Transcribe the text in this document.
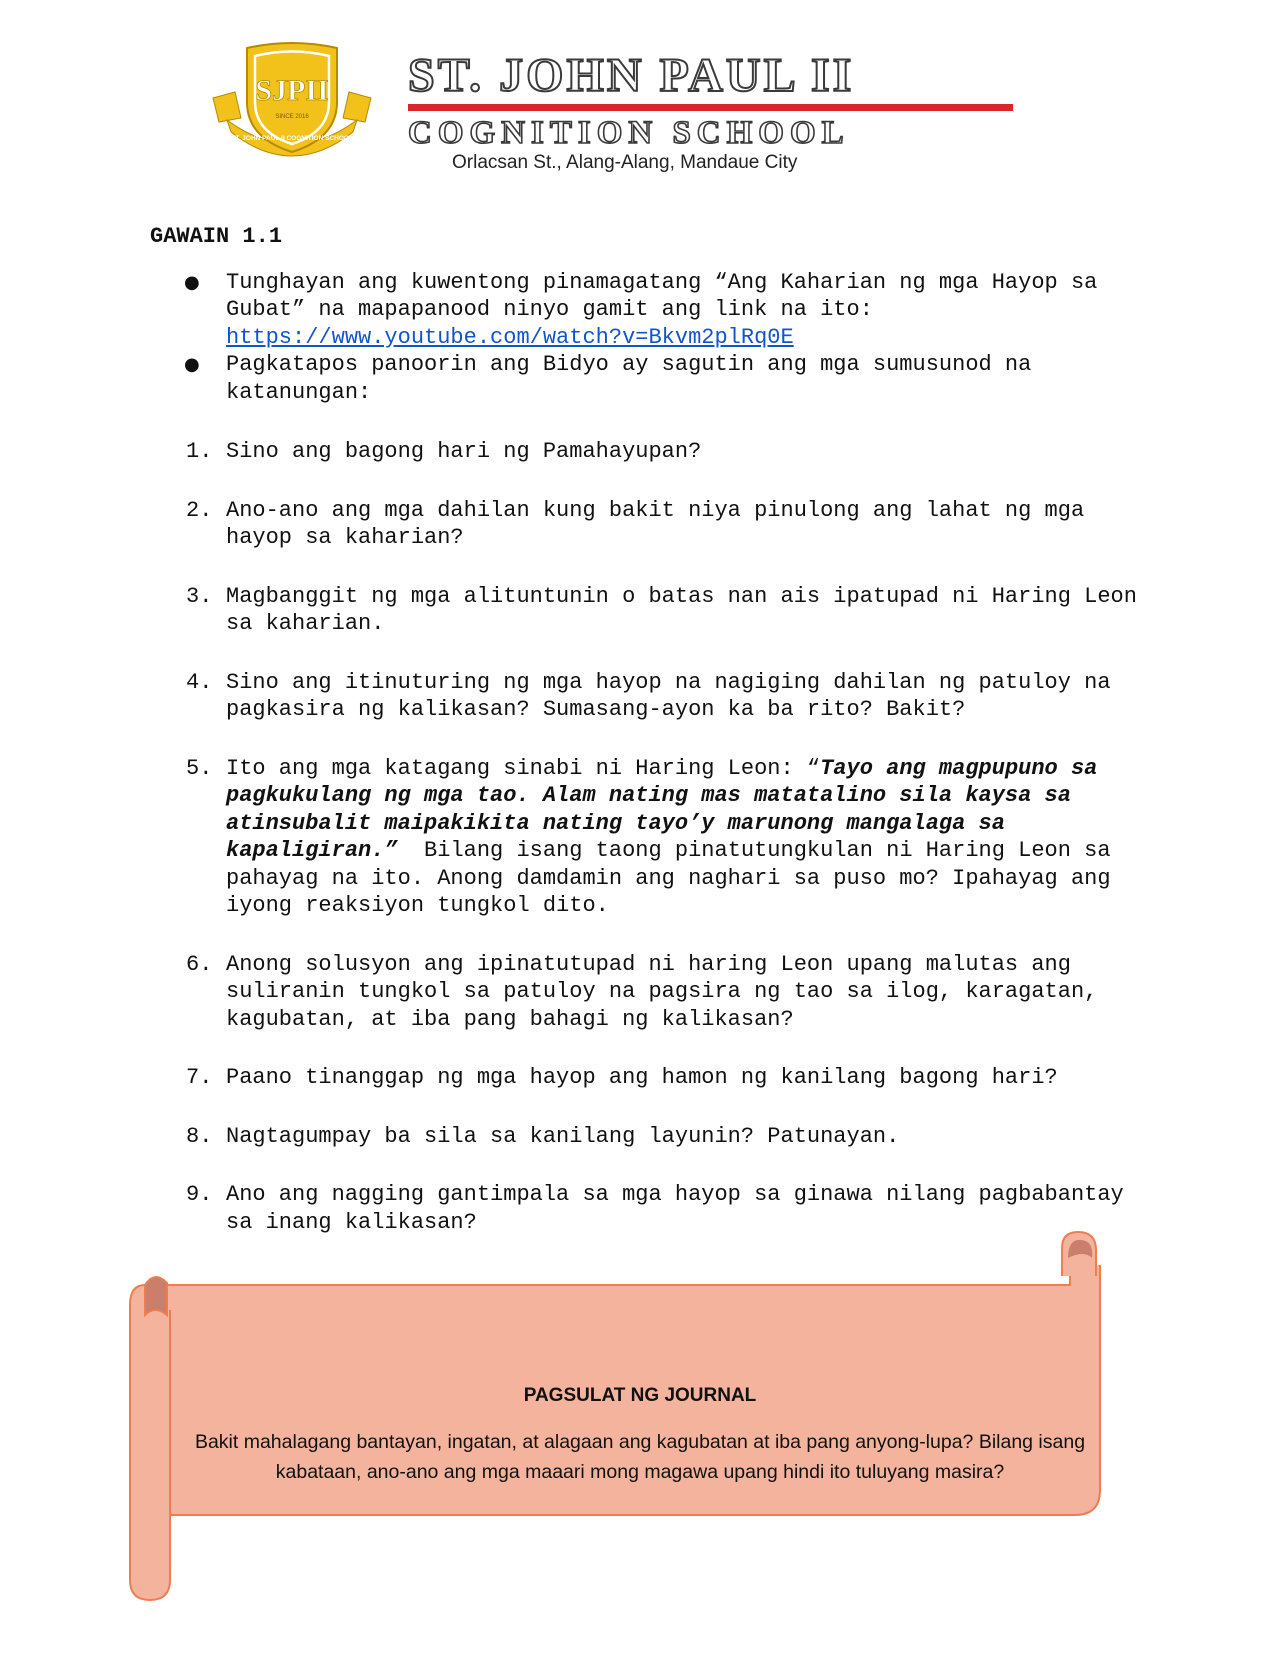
SJPII
SINCE 2016
ST. JOHN PAUL II COGNITION SCHOOL
ST. JOHN PAUL II
COGNITION SCHOOL
Orlacsan St., Alang-Alang, Mandaue City
GAWAIN 1.1
● Tunghayan ang kuwentong pinamagatang “Ang Kaharian ng mga Hayop sa Gubat” na mapapanood ninyo gamit ang link na ito: https://www.youtube.com/watch?v=Bkvm2plRq0E
● Pagkatapos panoorin ang Bidyo ay sagutin ang mga sumusunod na katanungan:
1. Sino ang bagong hari ng Pamahayupan?
2. Ano-ano ang mga dahilan kung bakit niya pinulong ang lahat ng mga hayop sa kaharian?
3. Magbanggit ng mga alituntunin o batas nan ais ipatupad ni Haring Leon sa kaharian.
4. Sino ang itinuturing ng mga hayop na nagiging dahilan ng patuloy na pagkasira ng kalikasan? Sumasang-ayon ka ba rito? Bakit?
5. Ito ang mga katagang sinabi ni Haring Leon: “Tayo ang magpupuno sa pagkukulang ng mga tao. Alam nating mas matatalino sila kaysa sa atinsubalit maipakikita nating tayo’y marunong mangalaga sa kapaligiran.”  Bilang isang taong pinatutungkulan ni Haring Leon sa pahayag na ito. Anong damdamin ang naghari sa puso mo? Ipahayag ang iyong reaksiyon tungkol dito.
6. Anong solusyon ang ipinatutupad ni haring Leon upang malutas ang suliranin tungkol sa patuloy na pagsira ng tao sa ilog, karagatan, kagubatan, at iba pang bahagi ng kalikasan?
7. Paano tinanggap ng mga hayop ang hamon ng kanilang bagong hari?
8. Nagtagumpay ba sila sa kanilang layunin? Patunayan.
9. Ano ang nagging gantimpala sa mga hayop sa ginawa nilang pagbabantay sa inang kalikasan?
PAGSULAT NG JOURNAL
Bakit mahalagang bantayan, ingatan, at alagaan ang kagubatan at iba pang anyong-lupa? Bilang isang kabataan, ano-ano ang mga maaari mong magawa upang hindi ito tuluyang masira?
